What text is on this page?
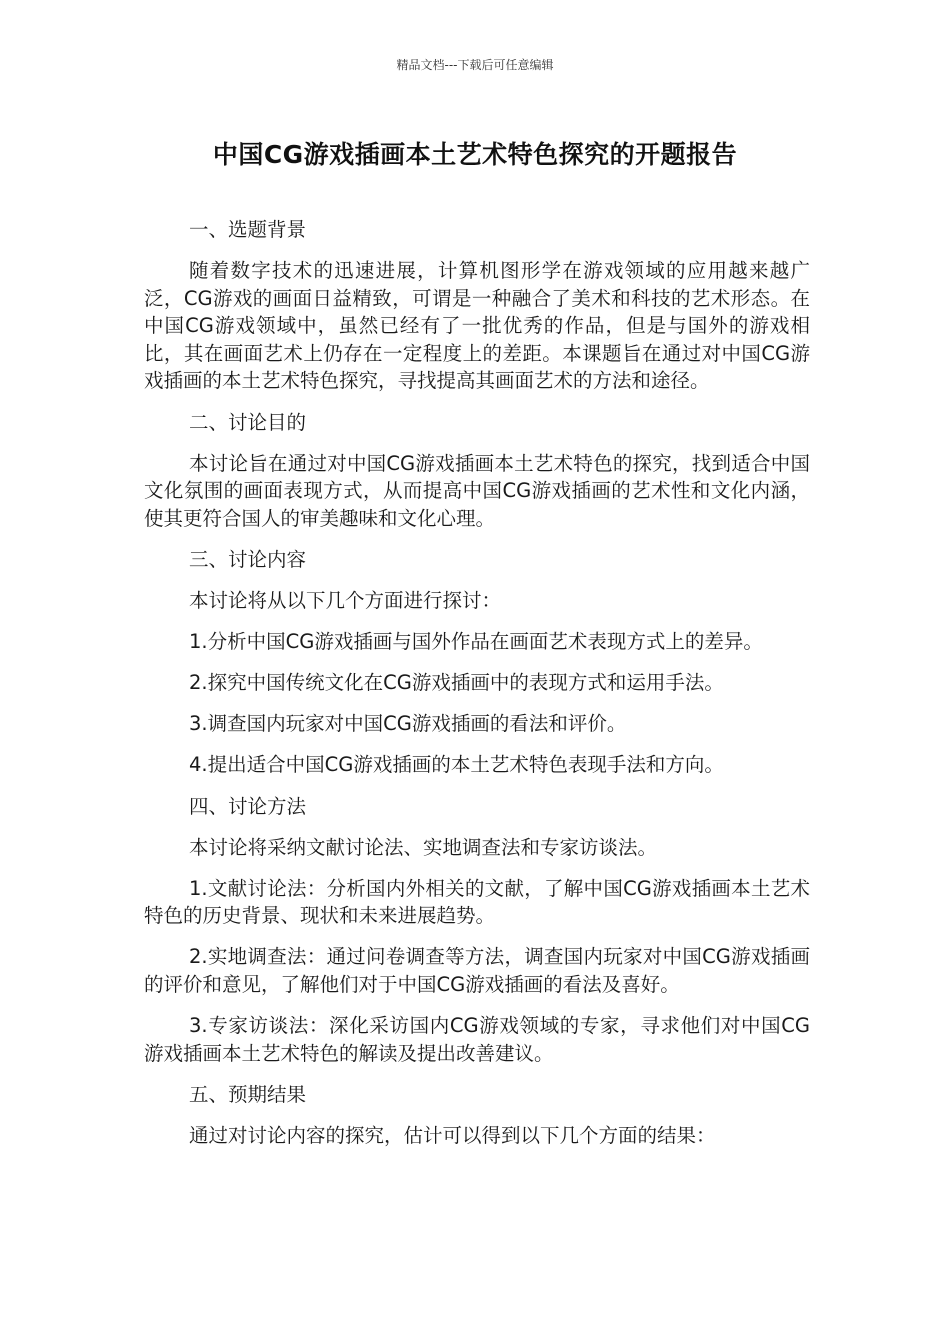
精品文档---下载后可任意编辑
中国CG游戏插画本土艺术特色探究的开题报告

一、选题背景

随着数字技术的迅速进展，计算机图形学在游戏领域的应用越来越广泛，CG游戏的画面日益精致，可谓是一种融合了美术和科技的艺术形态。在中国CG游戏领域中，虽然已经有了一批优秀的作品，但是与国外的游戏相比，其在画面艺术上仍存在一定程度上的差距。本课题旨在通过对中国CG游戏插画的本土艺术特色探究，寻找提高其画面艺术的方法和途径。

二、讨论目的

本讨论旨在通过对中国CG游戏插画本土艺术特色的探究，找到适合中国文化氛围的画面表现方式，从而提高中国CG游戏插画的艺术性和文化内涵，使其更符合国人的审美趣味和文化心理。

三、讨论内容

本讨论将从以下几个方面进行探讨：

1.分析中国CG游戏插画与国外作品在画面艺术表现方式上的差异。

2.探究中国传统文化在CG游戏插画中的表现方式和运用手法。

3.调查国内玩家对中国CG游戏插画的看法和评价。

4.提出适合中国CG游戏插画的本土艺术特色表现手法和方向。

四、讨论方法

本讨论将采纳文献讨论法、实地调查法和专家访谈法。

1.文献讨论法：分析国内外相关的文献，了解中国CG游戏插画本土艺术特色的历史背景、现状和未来进展趋势。

2.实地调查法：通过问卷调查等方法，调查国内玩家对中国CG游戏插画的评价和意见，了解他们对于中国CG游戏插画的看法及喜好。

3.专家访谈法：深化采访国内CG游戏领域的专家，寻求他们对中国CG游戏插画本土艺术特色的解读及提出改善建议。

五、预期结果

通过对讨论内容的探究，估计可以得到以下几个方面的结果：
